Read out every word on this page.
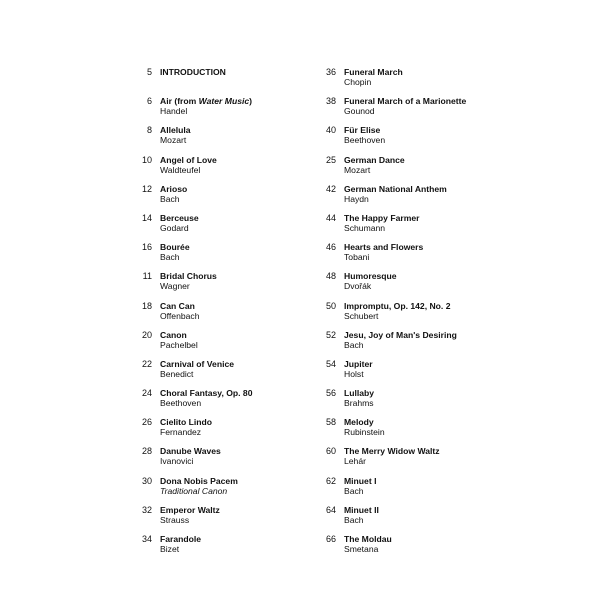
5 INTRODUCTION
6 Air (from Water Music)
Handel
8 Allelula
Mozart
10 Angel of Love
Waldteufel
12 Arioso
Bach
14 Berceuse
Godard
16 Bourée
Bach
11 Bridal Chorus
Wagner
18 Can Can
Offenbach
20 Canon
Pachelbel
22 Carnival of Venice
Benedict
24 Choral Fantasy, Op. 80
Beethoven
26 Cielito Lindo
Fernandez
28 Danube Waves
Ivanovici
30 Dona Nobis Pacem
Traditional Canon
32 Emperor Waltz
Strauss
34 Farandole
Bizet
36 Funeral March
Chopin
38 Funeral March of a Marionette
Gounod
40 Für Elise
Beethoven
25 German Dance
Mozart
42 German National Anthem
Haydn
44 The Happy Farmer
Schumann
46 Hearts and Flowers
Tobani
48 Humoresque
Dvořák
50 Impromptu, Op. 142, No. 2
Schubert
52 Jesu, Joy of Man's Desiring
Bach
54 Jupiter
Holst
56 Lullaby
Brahms
58 Melody
Rubinstein
60 The Merry Widow Waltz
Lehár
62 Minuet I
Bach
64 Minuet II
Bach
66 The Moldau
Smetana
